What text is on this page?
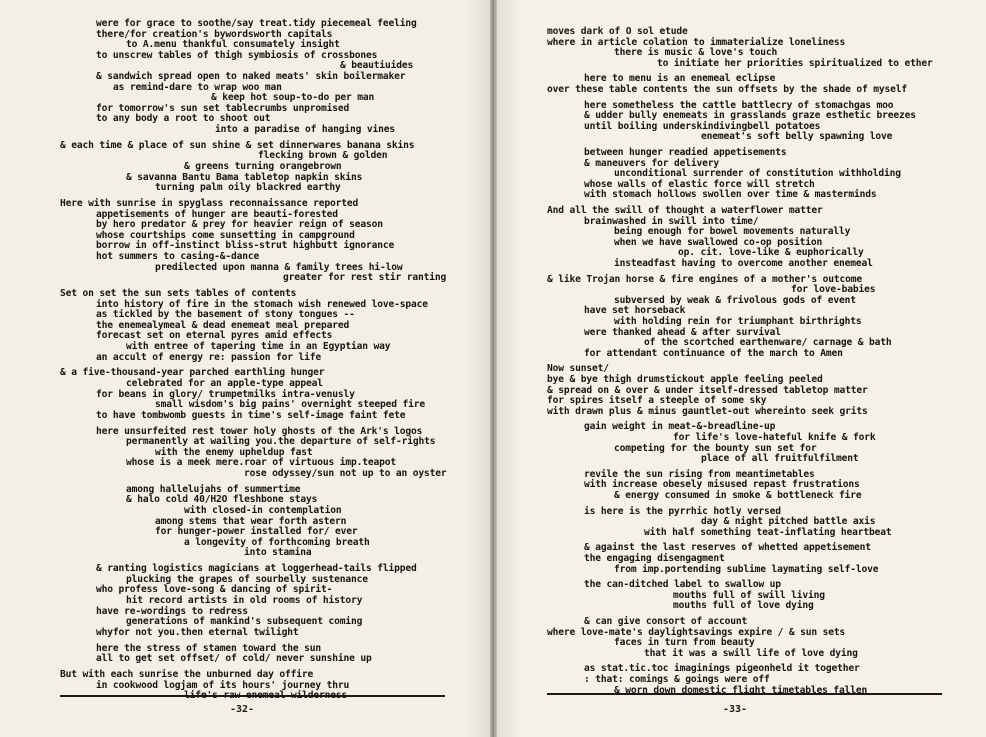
-32-
were for grace to soothe/say treat.tidy piecemeal feeling
there/for creation's bywordsworth capitals
to A.menu thankful consumately insight
to unscrew tables of thigh symbiosis of crossbones
& beautiuides
& sandwich spread open to naked meats' skin boilermaker
as remind-dare to wrap woo man
& keep hot soup-to-do per man
for tomorrow's sun set tablecrumbs unpromised
to any body a root to shoot out
into a paradise of hanging vines
& each time & place of sun shine & set dinnerwares banana skins
flecking brown & golden
& greens turning orangebrown
& savanna Bantu Bama tabletop napkin skins
turning palm oily blackred earthy
Here with sunrise in spyglass reconnaissance reported
appetisements of hunger are beauti-forested
by hero predator & prey for heavier reign of season
whose courtships come sunsetting in campground
borrow in off-instinct bliss-strut highbutt ignorance
hot summers to casing-&-dance
predilected upon manna & family trees hi-low
greater for rest stir ranting
Set on set the sun sets tables of contents
into history of fire in the stomach wish renewed love-space
as tickled by the basement of stony tongues --
the enemealymeal & dead enemeat meal prepared
forecast set on eternal pyres amid effects
with entree of tapering time in an Egyptian way
an accult of energy re: passion for life
& a five-thousand-year parched earthling hunger
celebrated for an apple-type appeal
for beans in glory/ trumpetmilks intra-venusly
small wisdom's big pains' overnight steeped fire
to have tombwomb guests in time's self-image faint fete
here unsurfeited rest tower holy ghosts of the Ark's logos
permanently at wailing you.the departure of self-rights
with the enemy upheldup fast
whose is a meek mere.roar of virtuous imp.teapot
rose odyssey/sun not up to an oyster
among hallelujahs of summertime
& halo cold 40/H2O fleshbone stays
with closed-in contemplation
among stems that wear forth astern
for hunger-power installed for/ ever
a longevity of forthcoming breath
into stamina
& ranting logistics magicians at loggerhead-tails flipped
plucking the grapes of sourbelly sustenance
who profess love-song & dancing of spirit-
hit record artists in old rooms of history
have re-wordings to redress
generations of mankind's subsequent coming
whyfor not you.then eternal twilight
here the stress of stamen toward the sun
all to get set offset/ of cold/ never sunshine up
But with each sunrise the unburned day offire
in cookwood logjam of its hours' journey thru
life's raw enemeal wilderness
-33-
moves dark of O sol etude
where in article colation to immaterialize loneliness
there is music & love's touch
to initiate her priorities spiritualized to ether
here to menu is an enemeal eclipse
over these table contents the sun offsets by the shade of myself
here sometheless the cattle battlecry of stomachgas moo
& udder bully enemeats in grasslands graze esthetic breezes
until boiling underskindivingbell potatoes
enemeat's soft belly spawning love
between hunger readied appetisements
& maneuvers for delivery
unconditional surrender of constitution withholding
whose walls of elastic force will stretch
with stomach hollows swollen over time & masterminds
And all the swill of thought a waterflower matter
brainwashed in swill into time/
being enough for bowel movements naturally
when we have swallowed co-op position
op. cit. love-like & euphorically
insteadfast having to overcome another enemeal
& like Trojan horse & fire engines of a mother's outcome
for love-babies
subversed by weak & frivolous gods of event
have set horseback
with holding rein for triumphant birthrights
were thanked ahead & after survival
of the scortched earthenware/ carnage & bath
for attendant continuance of the march to Amen
Now sunset/
bye & bye thigh drumstickout apple feeling peeled
& spread on & over & under itself-dressed tabletop matter
for spires itself a steeple of some sky
with drawn plus & minus gauntlet-out whereinto seek grits
gain weight in meat-&-breadline-up
for life's love-hateful knife & fork
competing for the bounty sun set for
place of all fruitfulfilment
revile the sun rising from meantimetables
with increase obesely misused repast frustrations
& energy consumed in smoke & bottleneck fire
is here is the pyrrhic hotly versed
day & night pitched battle axis
with half something teat-inflating heartbeat
& against the last reserves of whetted appetisement
the engaging disengagment
from imp.portending sublime laymating self-love
the can-ditched label to swallow up
mouths full of swill living
mouths full of love dying
& can give consort of account
where love-mate's daylightsavings expire / & sun sets
faces in turn from beauty
that it was a swill life of love dying
as stat.tic.toc imaginings pigeonheld it together
: that: comings & goings were off
& worn down domestic flight timetables fallen
